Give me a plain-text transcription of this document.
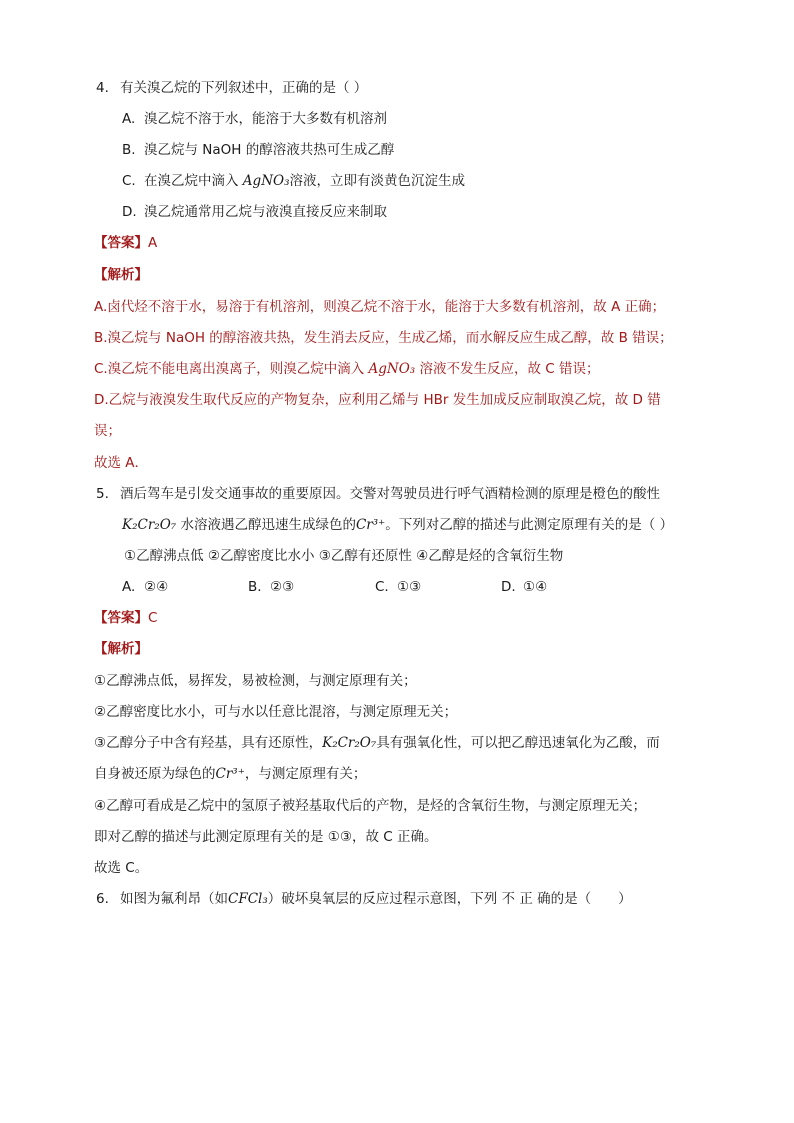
4. 有关溴乙烷的下列叙述中，正确的是（ ）
A. 溴乙烷不溶于水，能溶于大多数有机溶剂
B. 溴乙烷与 NaOH 的醇溶液共热可生成乙醇
C. 在溴乙烷中滴入 AgNO₃溶液，立即有淡黄色沉淀生成
D. 溴乙烷通常用乙烷与液溴直接反应来制取
【答案】A
【解析】
A.卤代烃不溶于水，易溶于有机溶剂，则溴乙烷不溶于水，能溶于大多数有机溶剂，故 A 正确；
B.溴乙烷与 NaOH 的醇溶液共热，发生消去反应，生成乙烯，而水解反应生成乙醇，故 B 错误；
C.溴乙烷不能电离出溴离子，则溴乙烷中滴入 AgNO₃ 溶液不发生反应，故 C 错误；
D.乙烷与液溴发生取代反应的产物复杂，应利用乙烯与 HBr 发生加成反应制取溴乙烷，故 D 错
误；
故选 A．
5. 酒后驾车是引发交通事故的重要原因。交警对驾驶员进行呼气酒精检测的原理是橙色的酸性
K₂Cr₂O₇ 水溶液遇乙醇迅速生成绿色的Cr³⁺。下列对乙醇的描述与此测定原理有关的是（ ）
①乙醇沸点低 ②乙醇密度比水小 ③乙醇有还原性 ④乙醇是烃的含氧衍生物
A. ②④	B. ②③	C. ①③	D. ①④
【答案】C
【解析】
①乙醇沸点低，易挥发，易被检测，与测定原理有关；
②乙醇密度比水小，可与水以任意比混溶，与测定原理无关；
③乙醇分子中含有羟基，具有还原性，K₂Cr₂O₇具有强氧化性，可以把乙醇迅速氧化为乙酸，而
自身被还原为绿色的Cr³⁺，与测定原理有关；
④乙醇可看成是乙烷中的氢原子被羟基取代后的产物，是烃的含氧衍生物，与测定原理无关；
即对乙醇的描述与此测定原理有关的是 ①③，故 C 正确。
故选 C。
6. 如图为氟利昂（如CFCl₃）破坏臭氧层的反应过程示意图，下列 不 正 确的是（　　）
